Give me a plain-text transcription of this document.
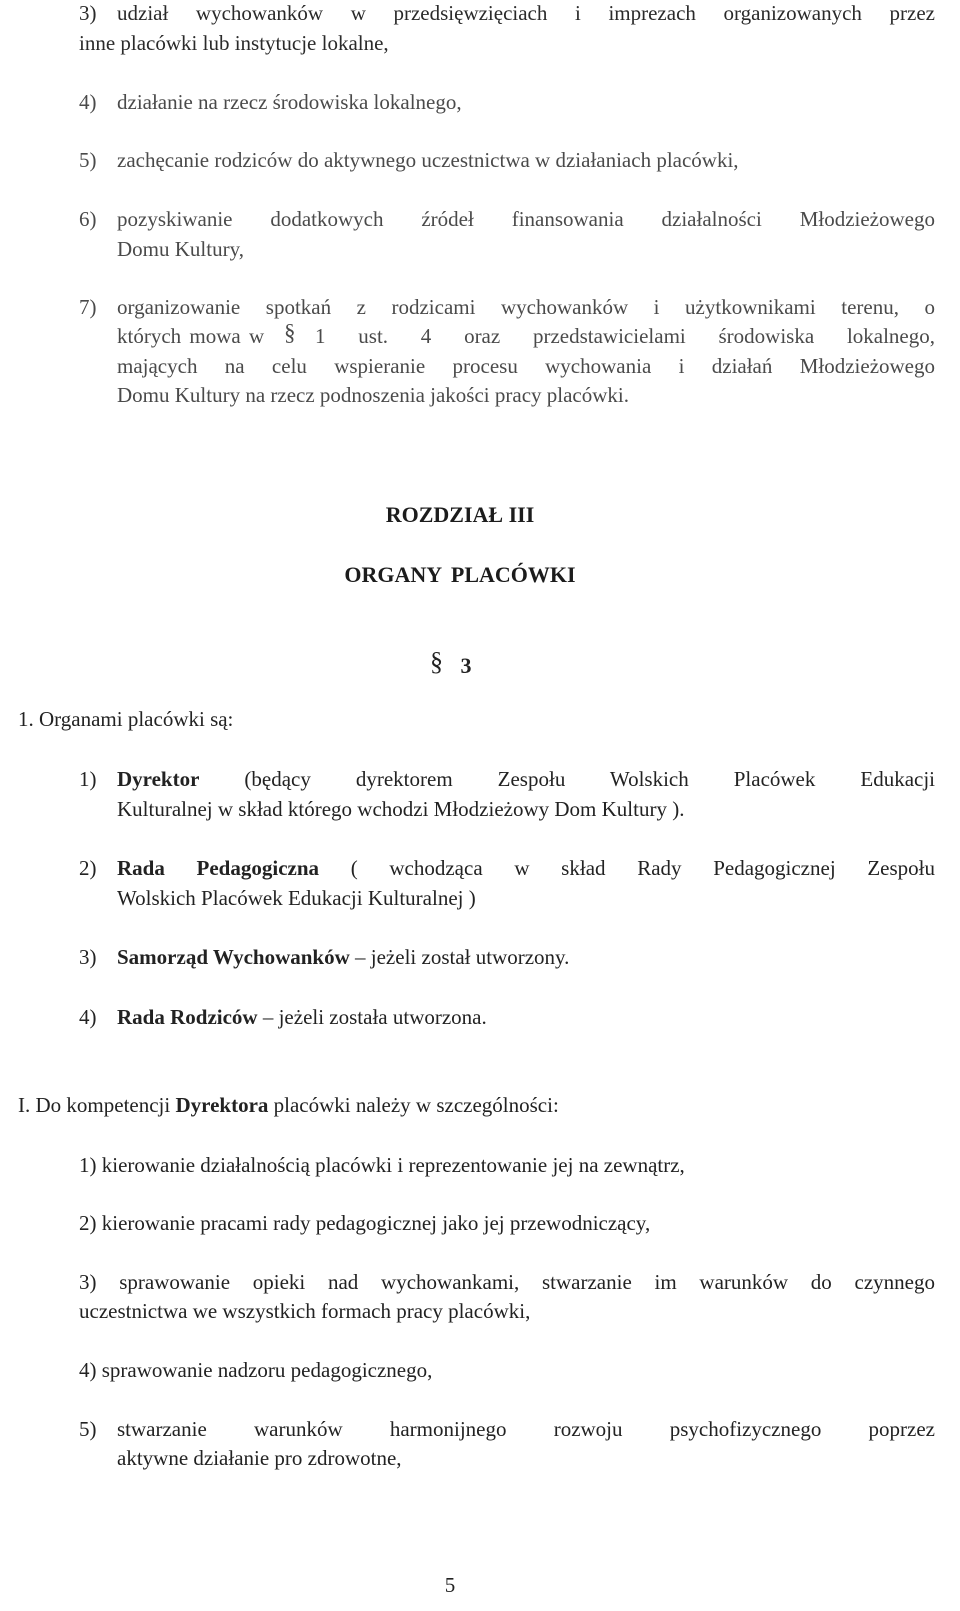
3) udział wychowanków w przedsięwzięciach i imprezach organizowanych przez
inne placówki lub instytucje lokalne,
4) działanie na rzecz środowiska lokalnego,
5) zachęcanie rodziców do aktywnego uczestnictwa w działaniach placówki,
6) pozyskiwanie dodatkowych źródeł finansowania działalności Młodzieżowego
Domu Kultury,
7) organizowanie spotkań z rodzicami wychowanków i użytkownikami terenu, o
których mowa w § 1 ust. 4 oraz przedstawicielami środowiska lokalnego,
mających na celu wspieranie procesu wychowania i działań Młodzieżowego
Domu Kultury na rzecz podnoszenia jakości pracy placówki.
ROZDZIAŁ III
ORGANY PLACÓWKI
§ 3
1. Organami placówki są:
1) Dyrektor (będący dyrektorem Zespołu Wolskich Placówek Edukacji
Kulturalnej w skład którego wchodzi Młodzieżowy Dom Kultury ).
2) Rada Pedagogiczna ( wchodząca w skład Rady Pedagogicznej Zespołu
Wolskich Placówek Edukacji Kulturalnej )
3) Samorząd Wychowanków – jeżeli został utworzony.
4) Rada Rodziców – jeżeli została utworzona.
I. Do kompetencji Dyrektora placówki należy w szczególności:
1) kierowanie działalnością placówki i reprezentowanie jej na zewnątrz,
2) kierowanie pracami rady pedagogicznej jako jej przewodniczący,
3) sprawowanie opieki nad wychowankami, stwarzanie im warunków do czynnego
uczestnictwa we wszystkich formach pracy placówki,
4) sprawowanie nadzoru pedagogicznego,
5) stwarzanie warunków harmonijnego rozwoju psychofizycznego poprzez
aktywne działanie pro zdrowotne,
5
